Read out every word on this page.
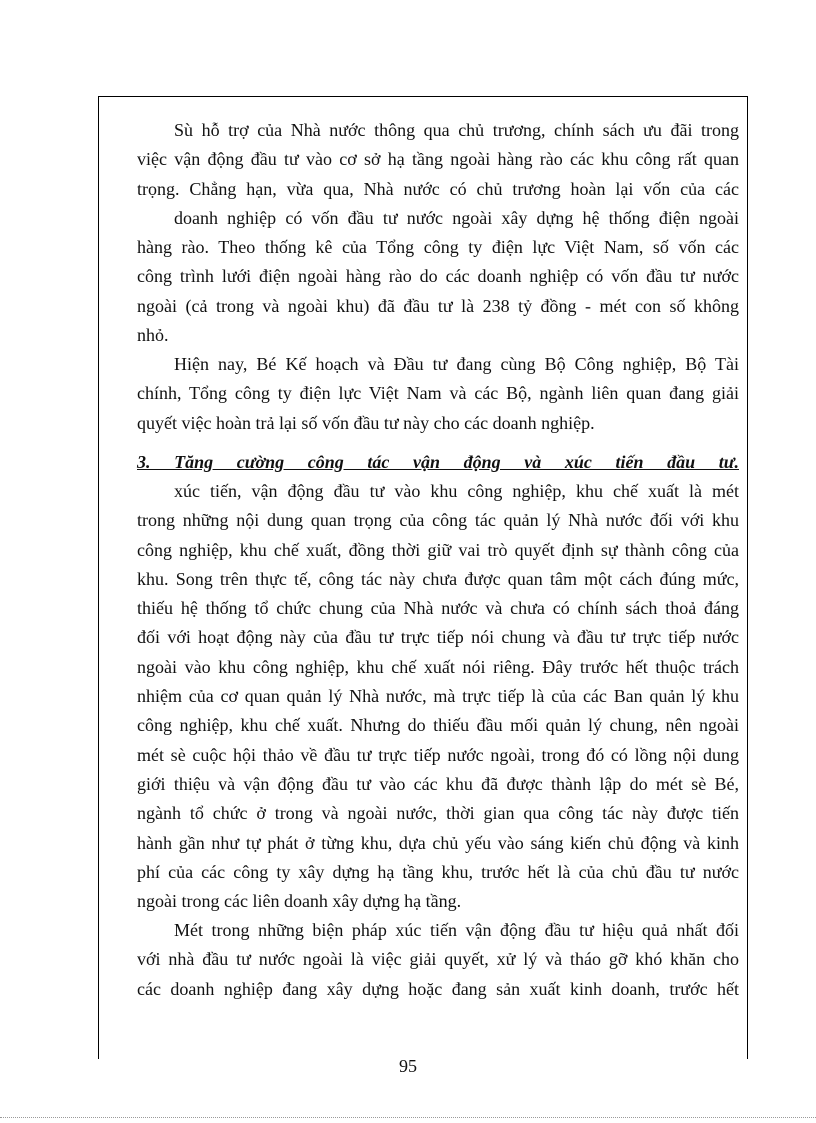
Sù hỗ trợ của Nhà nước thông qua chủ trương, chính sách ưu đãi trong
việc vận động đầu tư vào cơ sở hạ tầng ngoài hàng rào các khu công rất quan
trọng. Chẳng hạn, vừa qua, Nhà nước có chủ trương hoàn lại vốn của các
doanh nghiệp có vốn đầu tư nước ngoài xây dựng hệ thống điện ngoài
hàng rào. Theo thống kê của Tổng công ty điện lực Việt Nam, số vốn các
công trình lưới điện ngoài hàng rào do các doanh nghiệp có vốn đầu tư nước
ngoài (cả trong và ngoài khu) đã đầu tư là 238 tỷ đồng - mét con số không
nhỏ.

Hiện nay, Bé Kế hoạch và Đầu tư đang cùng Bộ Công nghiệp, Bộ Tài
chính, Tổng công ty điện lực Việt Nam và các Bộ, ngành liên quan đang giải
quyết việc hoàn trả lại số vốn đầu tư này cho các doanh nghiệp.

3. Tăng cường công tác vận động và xúc tiến đầu tư.

xúc tiến, vận động đầu tư vào khu công nghiệp, khu chế xuất là mét
trong những nội dung quan trọng của công tác quản lý Nhà nước đối với khu
công nghiệp, khu chế xuất, đồng thời giữ vai trò quyết định sự thành công của
khu. Song trên thực tế, công tác này chưa được quan tâm một cách đúng mức,
thiếu hệ thống tổ chức chung của Nhà nước và chưa có chính sách thoả đáng
đối với hoạt động này của đầu tư trực tiếp nói chung và đầu tư trực tiếp nước
ngoài vào khu công nghiệp, khu chế xuất nói riêng. Đây trước hết thuộc trách
nhiệm của cơ quan quản lý Nhà nước, mà trực tiếp là của các Ban quản lý khu
công nghiệp, khu chế xuất. Nhưng do thiếu đầu mối quản lý chung, nên ngoài
mét sè cuộc hội thảo về đầu tư trực tiếp nước ngoài, trong đó có lồng nội dung
giới thiệu và vận động đầu tư vào các khu đã được thành lập do mét sè Bé,
ngành tổ chức ở trong và ngoài nước, thời gian qua công tác này được tiến
hành gần như tự phát ở từng khu, dựa chủ yếu vào sáng kiến chủ động và kinh
phí của các công ty xây dựng hạ tầng khu, trước hết là của chủ đầu tư nước
ngoài trong các liên doanh xây dựng hạ tầng.

Mét trong những biện pháp xúc tiến vận động đầu tư hiệu quả nhất đối
với nhà đầu tư nước ngoài là việc giải quyết, xử lý và tháo gỡ khó khăn cho
các doanh nghiệp đang xây dựng hoặc đang sản xuất kinh doanh, trước hết

95
